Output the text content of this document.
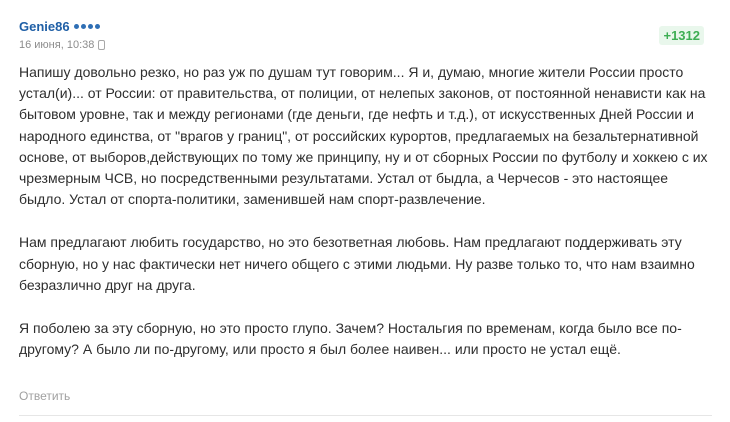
Genie86
16 июня, 10:38
+1312

Напишу довольно резко, но раз уж по душам тут говорим... Я и, думаю, многие жители России просто устал(и)... от России: от правительства, от полиции, от нелепых законов, от постоянной ненависти как на бытовом уровне, так и между регионами (где деньги, где нефть и т.д.), от искусственных Дней России и народного единства, от "врагов у границ", от российских курортов, предлагаемых на безальтернативной основе, от выборов,действующих по тому же принципу, ну и от сборных России по футболу и хоккею с их чрезмерным ЧСВ, но посредственными результатами. Устал от быдла, а Черчесов - это настоящее быдло. Устал от спорта-политики, заменившей нам спорт-развлечение.

Нам предлагают любить государство, но это безответная любовь. Нам предлагают поддерживать эту сборную, но у нас фактически нет ничего общего с этими людьми. Ну разве только то, что нам взаимно безразлично друг на друга.

Я поболею за эту сборную, но это просто глупо. Зачем? Ностальгия по временам, когда было все по-другому? А было ли по-другому, или просто я был более наивен... или просто не устал ещё.

Ответить
